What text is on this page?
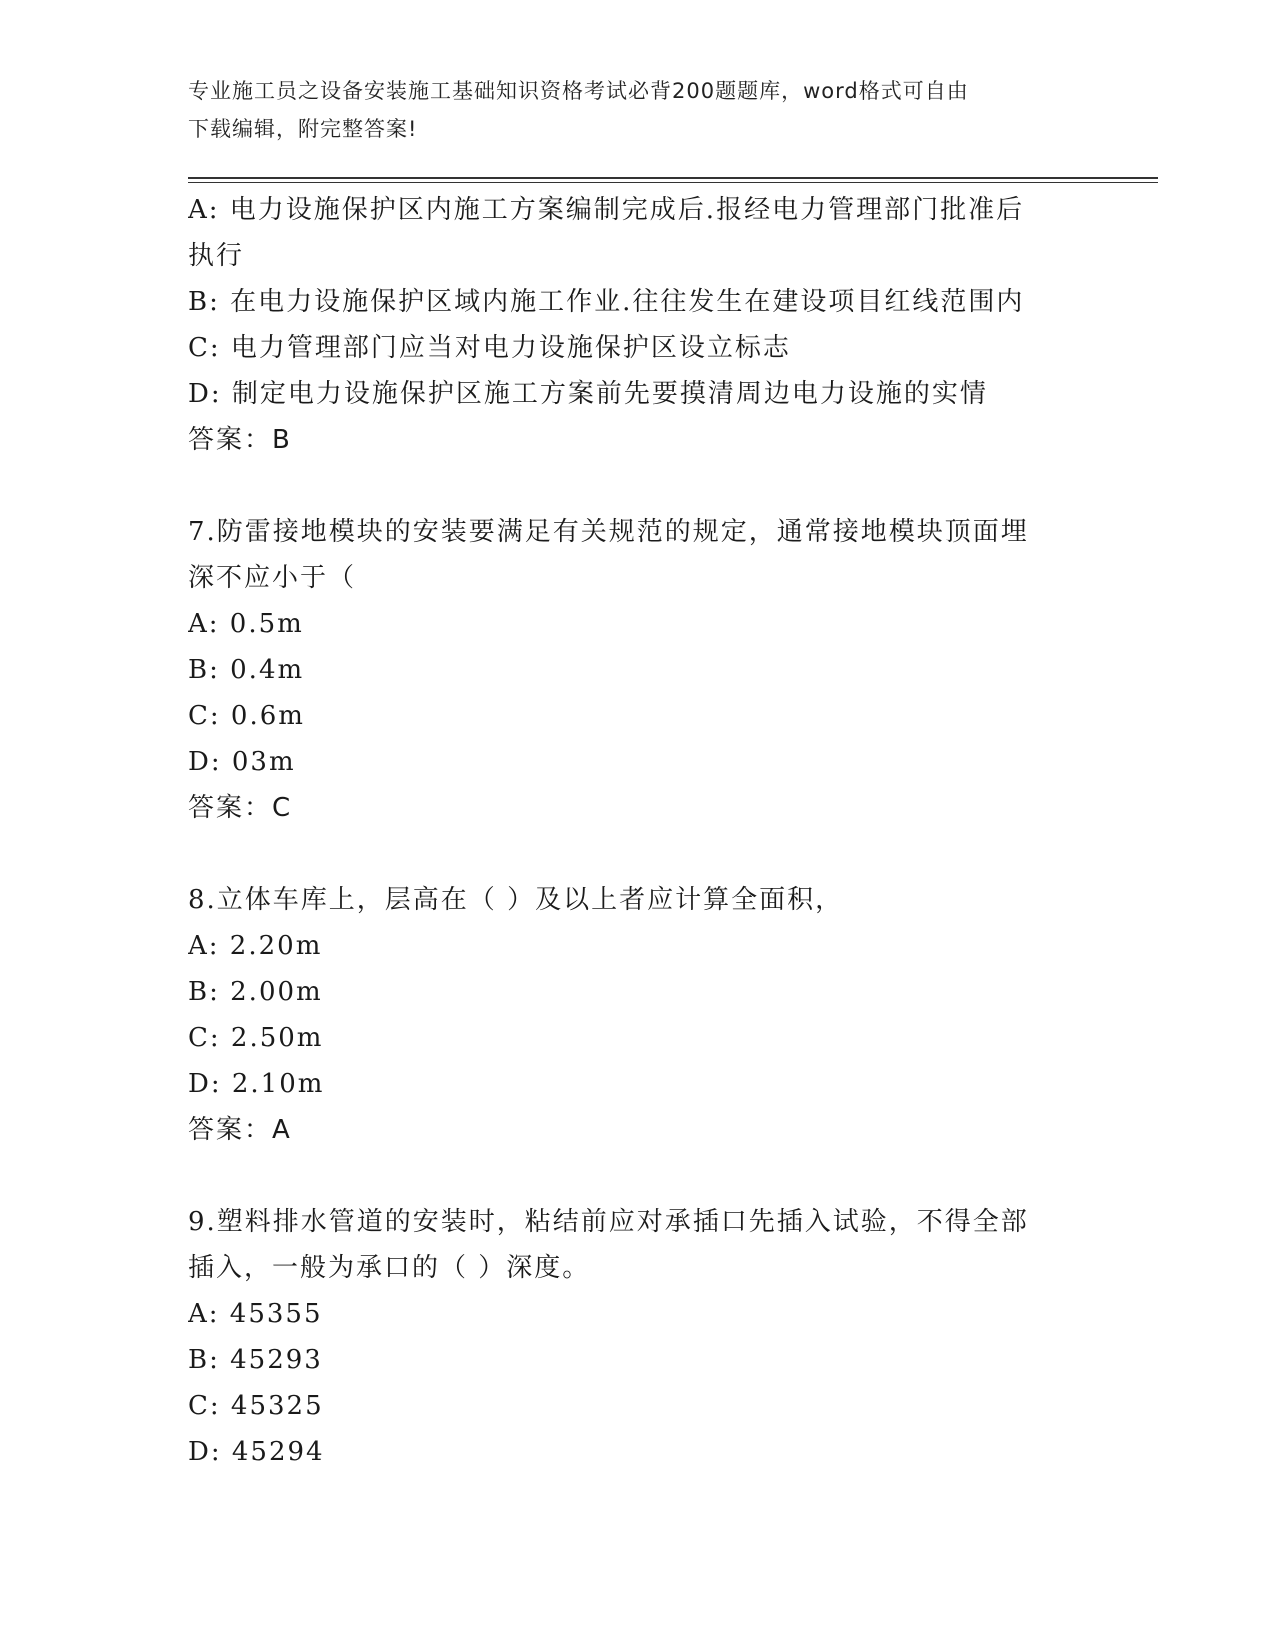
专业施工员之设备安装施工基础知识资格考试必背200题题库，word格式可自由
下载编辑，附完整答案!
A: 电力设施保护区内施工方案编制完成后.报经电力管理部门批准后
执行
B: 在电力设施保护区域内施工作业.往往发生在建设项目红线范围内
C: 电力管理部门应当对电力设施保护区设立标志
D: 制定电力设施保护区施工方案前先要摸清周边电力设施的实情
答案：B
7.防雷接地模块的安装要满足有关规范的规定，通常接地模块顶面埋
深不应小于（
A: 0.5m
B: 0.4m
C: 0.6m
D: 03m
答案：C
8.立体车库上，层高在（ ）及以上者应计算全面积，
A: 2.20m
B: 2.00m
C: 2.50m
D: 2.10m
答案：A
9.塑料排水管道的安装时，粘结前应对承插口先插入试验，不得全部
插入，一般为承口的（ ）深度。
A: 45355
B: 45293
C: 45325
D: 45294
